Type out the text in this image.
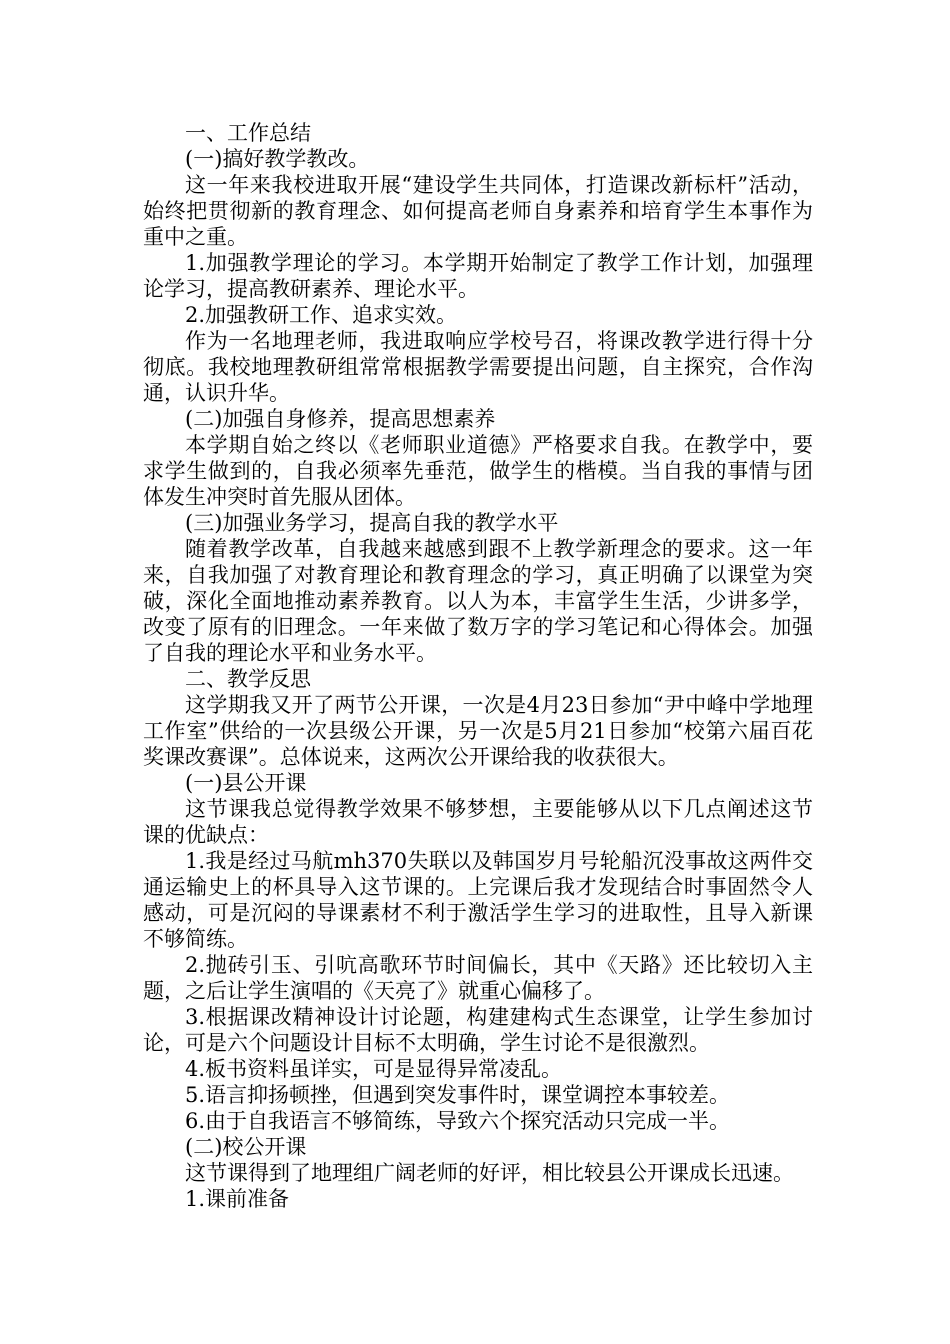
一、工作总结

(一)搞好教学教改。

这一年来我校进取开展“建设学生共同体，打造课改新标杆”活动，始终把贯彻新的教育理念、如何提高老师自身素养和培育学生本事作为重中之重。

1.加强教学理论的学习。本学期开始制定了教学工作计划，加强理论学习，提高教研素养、理论水平。

2.加强教研工作、追求实效。

作为一名地理老师，我进取响应学校号召，将课改教学进行得十分彻底。我校地理教研组常常根据教学需要提出问题，自主探究，合作沟通，认识升华。

(二)加强自身修养，提高思想素养

本学期自始之终以《老师职业道德》严格要求自我。在教学中，要求学生做到的，自我必须率先垂范，做学生的楷模。当自我的事情与团体发生冲突时首先服从团体。

(三)加强业务学习，提高自我的教学水平

随着教学改革，自我越来越感到跟不上教学新理念的要求。这一年来，自我加强了对教育理论和教育理念的学习，真正明确了以课堂为突破，深化全面地推动素养教育。以人为本，丰富学生生活，少讲多学，改变了原有的旧理念。一年来做了数万字的学习笔记和心得体会。加强了自我的理论水平和业务水平。

二、教学反思

这学期我又开了两节公开课，一次是4月23日参加“尹中峰中学地理工作室”供给的一次县级公开课，另一次是5月21日参加“校第六届百花奖课改赛课”。总体说来，这两次公开课给我的收获很大。

(一)县公开课

这节课我总觉得教学效果不够梦想，主要能够从以下几点阐述这节课的优缺点：

1.我是经过马航mh370失联以及韩国岁月号轮船沉没事故这两件交通运输史上的杯具导入这节课的。上完课后我才发现结合时事固然令人感动，可是沉闷的导课素材不利于激活学生学习的进取性，且导入新课不够简练。

2.抛砖引玉、引吭高歌环节时间偏长，其中《天路》还比较切入主题，之后让学生演唱的《天亮了》就重心偏移了。

3.根据课改精神设计讨论题，构建建构式生态课堂，让学生参加讨论，可是六个问题设计目标不太明确，学生讨论不是很激烈。

4.板书资料虽详实，可是显得异常凌乱。

5.语言抑扬顿挫，但遇到突发事件时，课堂调控本事较差。

6.由于自我语言不够简练，导致六个探究活动只完成一半。

(二)校公开课

这节课得到了地理组广阔老师的好评，相比较县公开课成长迅速。

1.课前准备
